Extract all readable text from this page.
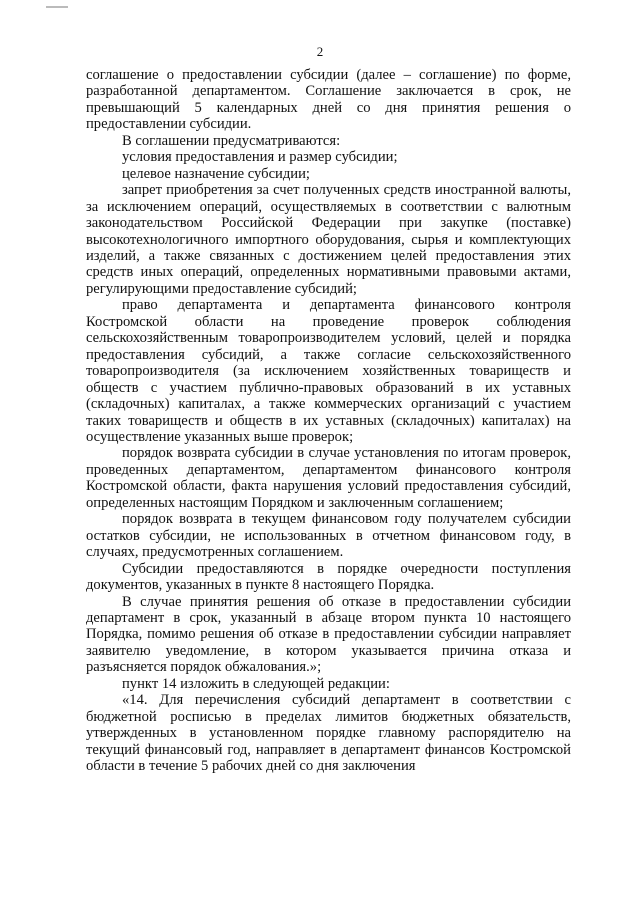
2

соглашение о предоставлении субсидии (далее – соглашение) по форме, разработанной департаментом. Соглашение заключается в срок, не превышающий 5 календарных дней со дня принятия решения о предоставлении субсидии.

В соглашении предусматриваются:

условия предоставления и размер субсидии;

целевое назначение субсидии;

запрет приобретения за счет полученных средств иностранной валюты, за исключением операций, осуществляемых в соответствии с валютным законодательством Российской Федерации при закупке (поставке) высокотехнологичного импортного оборудования, сырья и комплектующих изделий, а также связанных с достижением целей предоставления этих средств иных операций, определенных нормативными правовыми актами, регулирующими предоставление субсидий;

право департамента и департамента финансового контроля Костромской области на проведение проверок соблюдения сельскохозяйственным товаропроизводителем условий, целей и порядка предоставления субсидий, а также согласие сельскохозяйственного товаропроизводителя (за исключением хозяйственных товариществ и обществ с участием публично-правовых образований в их уставных (складочных) капиталах, а также коммерческих организаций с участием таких товариществ и обществ в их уставных (складочных) капиталах) на осуществление указанных выше проверок;

порядок возврата субсидии в случае установления по итогам проверок, проведенных департаментом, департаментом финансового контроля Костромской области, факта нарушения условий предоставления субсидий, определенных настоящим Порядком и заключенным соглашением;

порядок возврата в текущем финансовом году получателем субсидии остатков субсидии, не использованных в отчетном финансовом году, в случаях, предусмотренных соглашением.

Субсидии предоставляются в порядке очередности поступления документов, указанных в пункте 8 настоящего Порядка.

В случае принятия решения об отказе в предоставлении субсидии департамент в срок, указанный в абзаце втором пункта 10 настоящего Порядка, помимо решения об отказе в предоставлении субсидии направляет заявителю уведомление, в котором указывается причина отказа и разъясняется порядок обжалования.»;

пункт 14 изложить в следующей редакции:

«14. Для перечисления субсидий департамент в соответствии с бюджетной росписью в пределах лимитов бюджетных обязательств, утвержденных в установленном порядке главному распорядителю на текущий финансовый год, направляет в департамент финансов Костромской области в течение 5 рабочих дней со дня заключения
